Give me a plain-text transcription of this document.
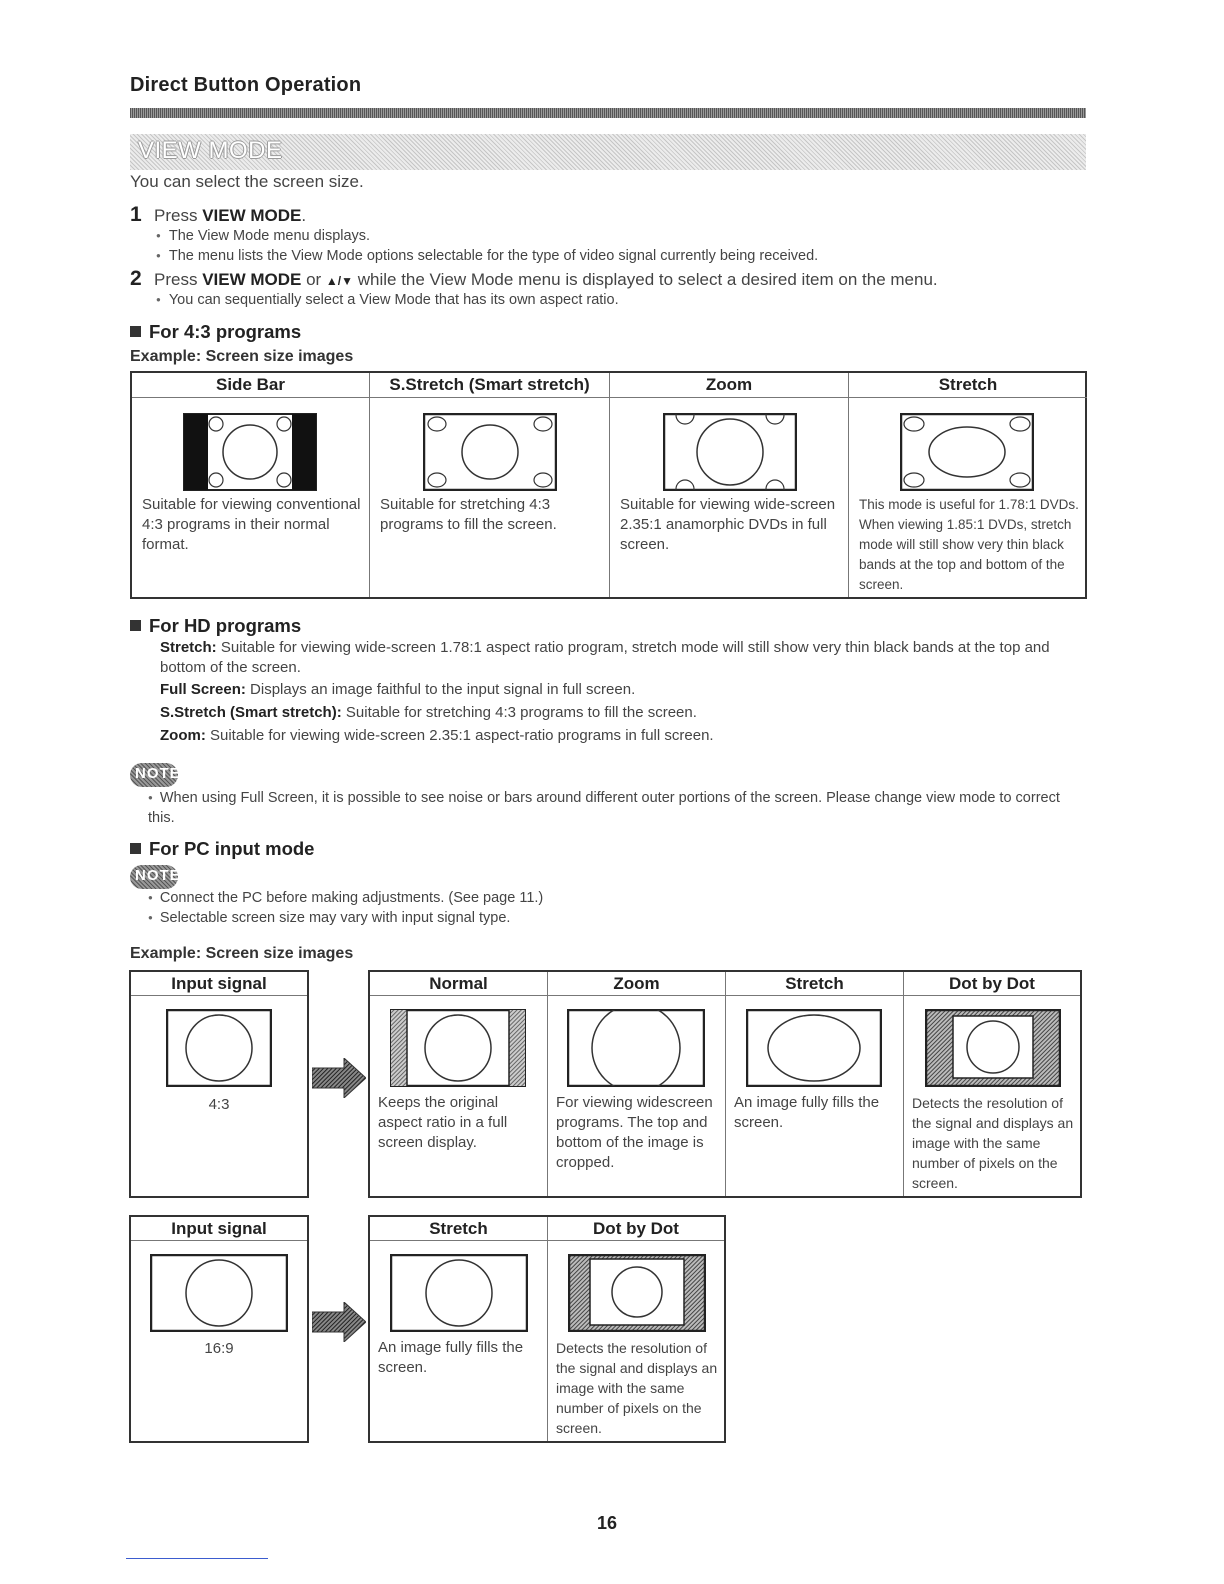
Direct Button Operation
VIEW MODE
You can select the screen size.
1 Press VIEW MODE.
● The View Mode menu displays.
● The menu lists the View Mode options selectable for the type of video signal currently being received.
2 Press VIEW MODE or ▲/▼ while the View Mode menu is displayed to select a desired item on the menu.
● You can sequentially select a View Mode that has its own aspect ratio.
For 4:3 programs
Example: Screen size images
Side Bar
Suitable for viewing conventional 4:3 programs in their normal format.
S.Stretch (Smart stretch)
Suitable for stretching 4:3 programs to fill the screen.
Zoom
Suitable for viewing wide-screen 2.35:1 anamorphic DVDs in full screen.
Stretch
This mode is useful for 1.78:1 DVDs. When viewing 1.85:1 DVDs, stretch mode will still show very thin black bands at the top and bottom of the screen.
For HD programs
Stretch: Suitable for viewing wide-screen 1.78:1 aspect ratio program, stretch mode will still show very thin black bands at the top and bottom of the screen.
Full Screen: Displays an image faithful to the input signal in full screen.
S.Stretch (Smart stretch): Suitable for stretching 4:3 programs to fill the screen.
Zoom: Suitable for viewing wide-screen 2.35:1 aspect-ratio programs in full screen.
NOTE
● When using Full Screen, it is possible to see noise or bars around different outer portions of the screen. Please change view mode to correct this.
For PC input mode
NOTE
● Connect the PC before making adjustments. (See page 11.)
● Selectable screen size may vary with input signal type.
Example: Screen size images
Input signal
4:3
Normal
Keeps the original aspect ratio in a full screen display.
Zoom
For viewing widescreen programs. The top and bottom of the image is cropped.
Stretch
An image fully fills the screen.
Dot by Dot
Detects the resolution of the signal and displays an image with the same number of pixels on the screen.
Input signal
16:9
Stretch
An image fully fills the screen.
Dot by Dot
Detects the resolution of the signal and displays an image with the same number of pixels on the screen.
16
